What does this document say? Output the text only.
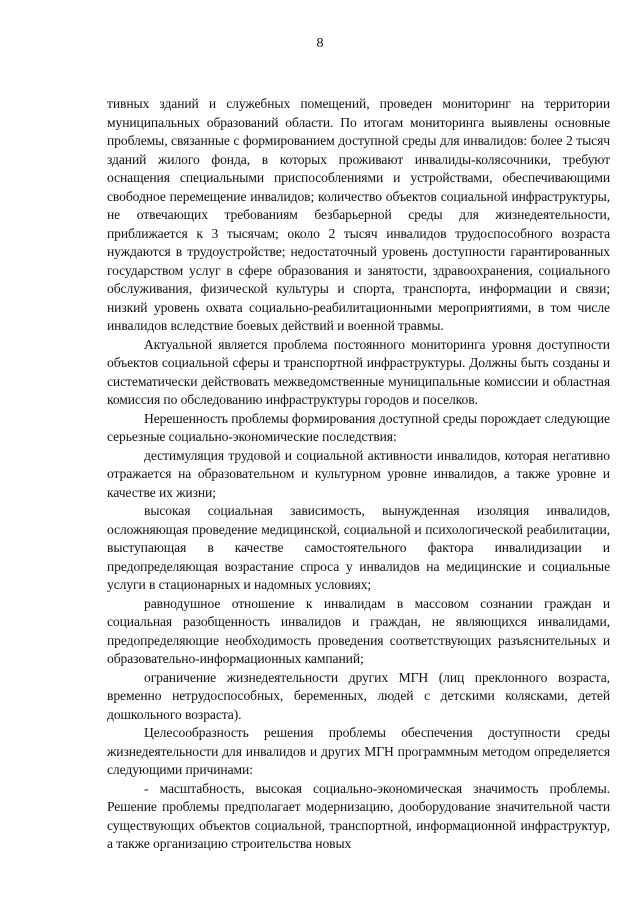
8

тивных зданий и служебных помещений, проведен мониторинг на территории муниципальных образований области. По итогам мониторинга выявлены основные проблемы, связанные с формированием доступной среды для инвалидов: более 2 тысяч зданий жилого фонда, в которых проживают инвалиды-колясочники, требуют оснащения специальными приспособлениями и устройствами, обеспечивающими свободное перемещение инвалидов; количество объектов социальной инфраструктуры, не отвечающих требованиям безбарьерной среды для жизнедеятельности, приближается к 3 тысячам; около 2 тысяч инвалидов трудоспособного возраста нуждаются в трудоустройстве; недостаточный уровень доступности гарантированных государством услуг в сфере образования и занятости, здравоохранения, социального обслуживания, физической культуры и спорта, транспорта, информации и связи; низкий уровень охвата социально-реабилитационными мероприятиями, в том числе инвалидов вследствие боевых действий и военной травмы.

Актуальной является проблема постоянного мониторинга уровня доступности объектов социальной сферы и транспортной инфраструктуры. Должны быть созданы и систематически действовать межведомственные муниципальные комиссии и областная комиссия по обследованию инфраструктуры городов и поселков.

Нерешенность проблемы формирования доступной среды порождает следующие серьезные социально-экономические последствия:

дестимуляция трудовой и социальной активности инвалидов, которая негативно отражается на образовательном и культурном уровне инвалидов, а также уровне и качестве их жизни;

высокая социальная зависимость, вынужденная изоляция инвалидов, осложняющая проведение медицинской, социальной и психологической реабилитации, выступающая в качестве самостоятельного фактора инвалидизации и предопределяющая возрастание спроса у инвалидов на медицинские и социальные услуги в стационарных и надомных условиях;

равнодушное отношение к инвалидам в массовом сознании граждан и социальная разобщенность инвалидов и граждан, не являющихся инвалидами, предопределяющие необходимость проведения соответствующих разъяснительных и образовательно-информационных кампаний;

ограничение жизнедеятельности других МГН (лиц преклонного возраста, временно нетрудоспособных, беременных, людей с детскими колясками, детей дошкольного возраста).

Целесообразность решения проблемы обеспечения доступности среды жизнедеятельности для инвалидов и других МГН программным методом определяется следующими причинами:

- масштабность, высокая социально-экономическая значимость проблемы. Решение проблемы предполагает модернизацию, дооборудование значительной части существующих объектов социальной, транспортной, информационной инфраструктур, а также организацию строительства новых
